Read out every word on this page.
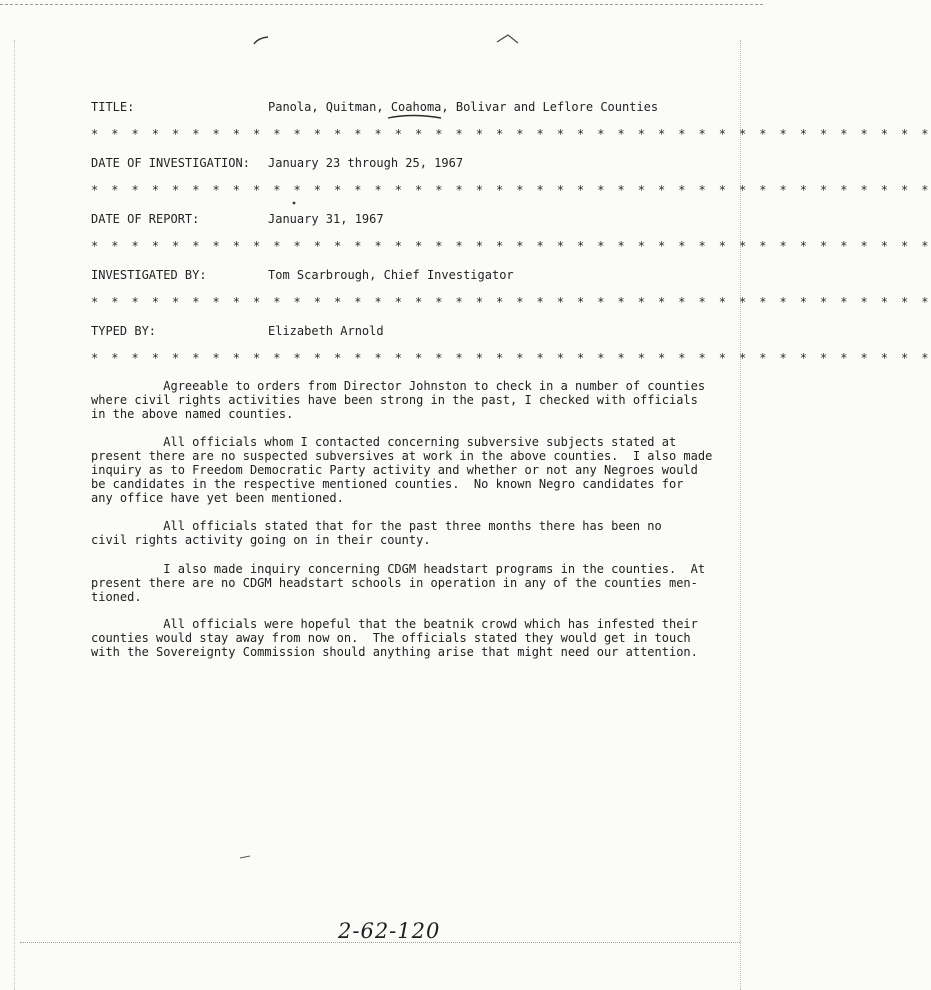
TITLE:

	Panola, Quitman, Coahoma, Bolivar and Leflore Counties

* * * * * * * * * * * * * * * * * * * * * * * * * * * * * * * * * * * * * * * * * *

DATE OF INVESTIGATION:

January 23 through 25, 1967

* * * * * * * * * * * * * * * * * * * * * * * * * * * * * * * * * * * * * * * * * *

DATE OF REPORT:

	January 31, 1967

* * * * * * * * * * * * * * * * * * * * * * * * * * * * * * * * * * * * * * * * * *

INVESTIGATED BY:

	Tom Scarbrough, Chief Investigator

* * * * * * * * * * * * * * * * * * * * * * * * * * * * * * * * * * * * * * * * * *

TYPED BY:

	Elizabeth Arnold

* * * * * * * * * * * * * * * * * * * * * * * * * * * * * * * * * * * * * * * * * *

Agreeable to orders from Director Johnston to check in a number of counties
where civil rights activities have been strong in the past, I checked with officials
in the above named counties.

All officials whom I contacted concerning subversive subjects stated at
present there are no suspected subversives at work in the above counties.  I also made
inquiry as to Freedom Democratic Party activity and whether or not any Negroes would
be candidates in the respective mentioned counties.  No known Negro candidates for
any office have yet been mentioned.

All officials stated that for the past three months there has been no
civil rights activity going on in their county.

I also made inquiry concerning CDGM headstart programs in the counties.  At
present there are no CDGM headstart schools in operation in any of the counties men-
tioned.

All officials were hopeful that the beatnik crowd which has infested their
counties would stay away from now on.  The officials stated they would get in touch
with the Sovereignty Commission should anything arise that might need our attention.

2-62-120
